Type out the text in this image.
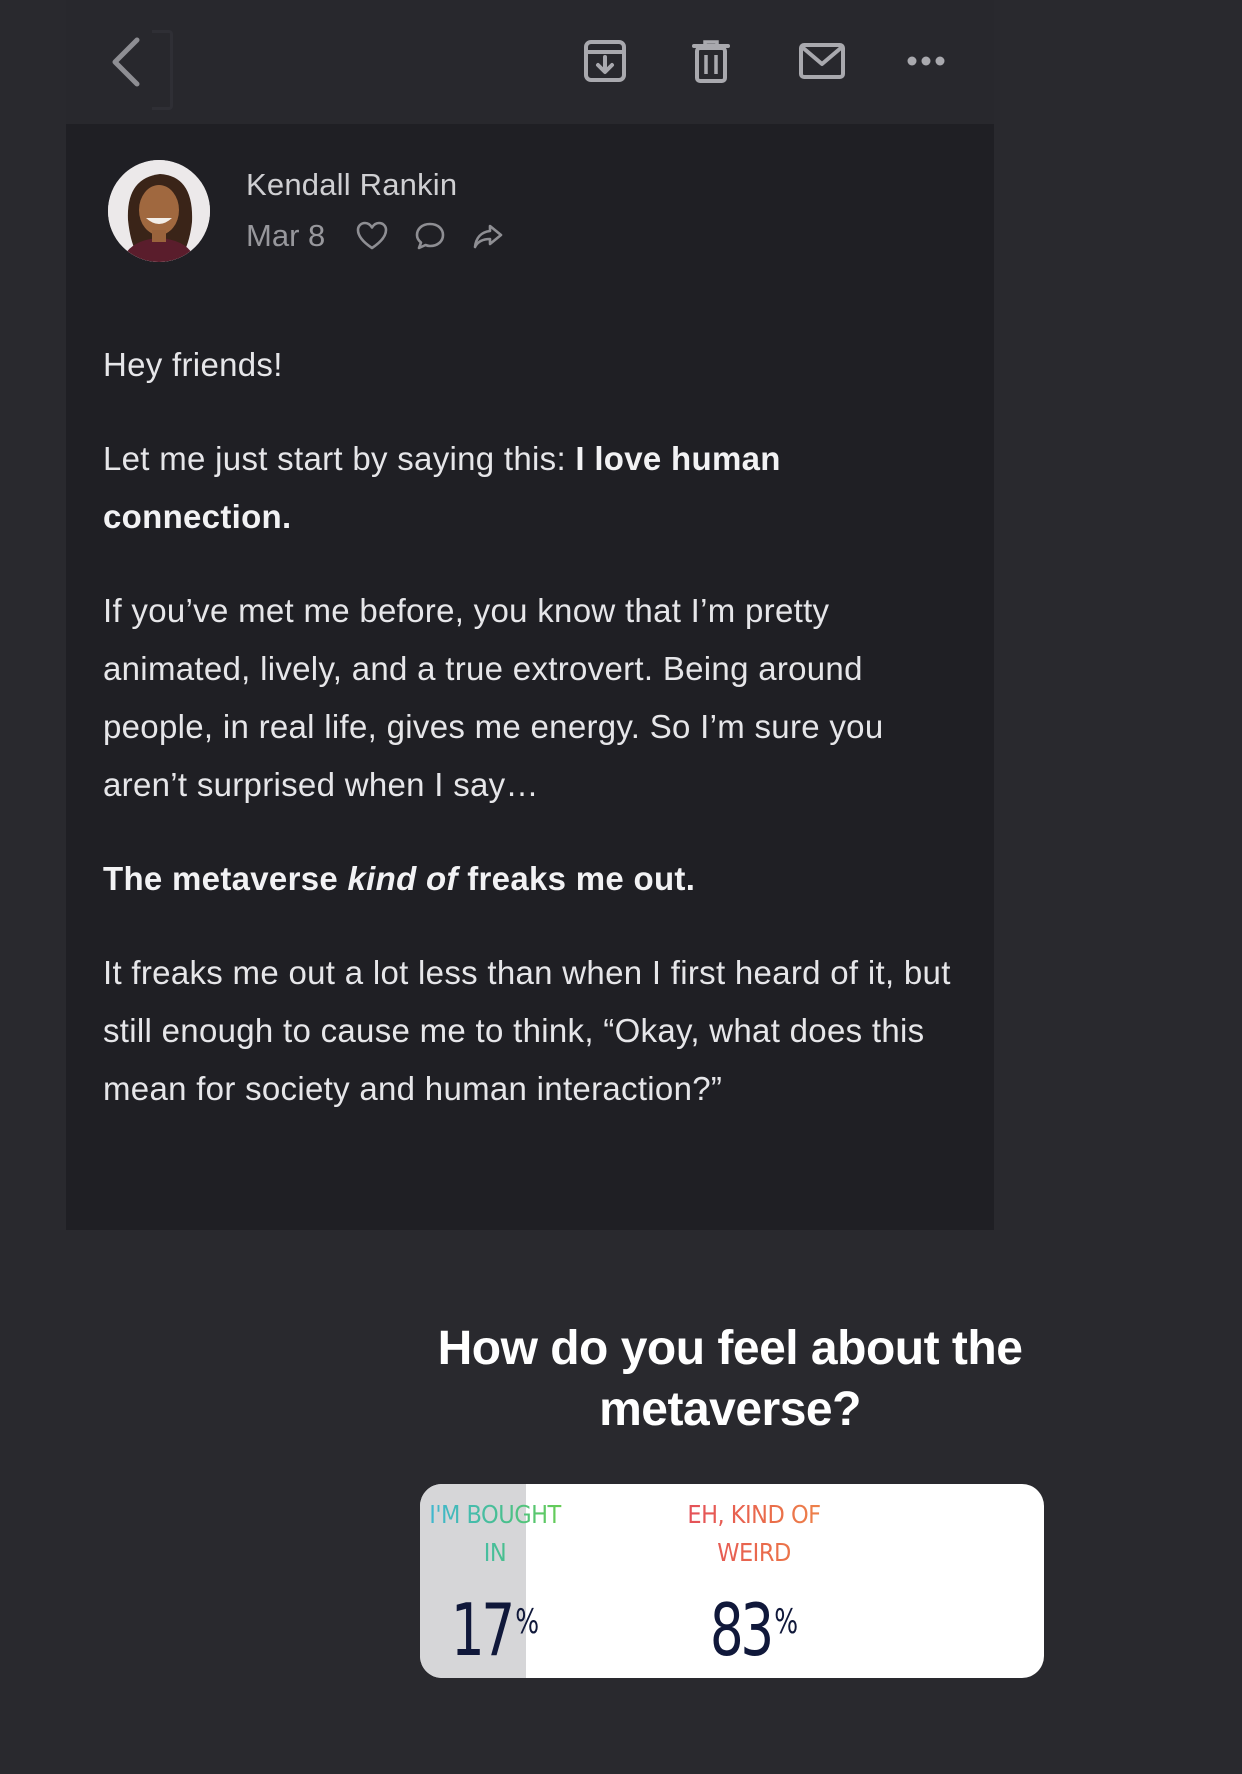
Kendall Rankin
Mar 8

Hey friends!

Let me just start by saying this: I love human connection.

If you’ve met me before, you know that I’m pretty animated, lively, and a true extrovert. Being around people, in real life, gives me energy. So I’m sure you aren’t surprised when I say…

The metaverse kind of freaks me out.

It freaks me out a lot less than when I first heard of it, but still enough to cause me to think, “Okay, what does this mean for society and human interaction?”

How do you feel about the metaverse?
I'M BOUGHT IN
17%
EH, KIND OF WEIRD
83%
